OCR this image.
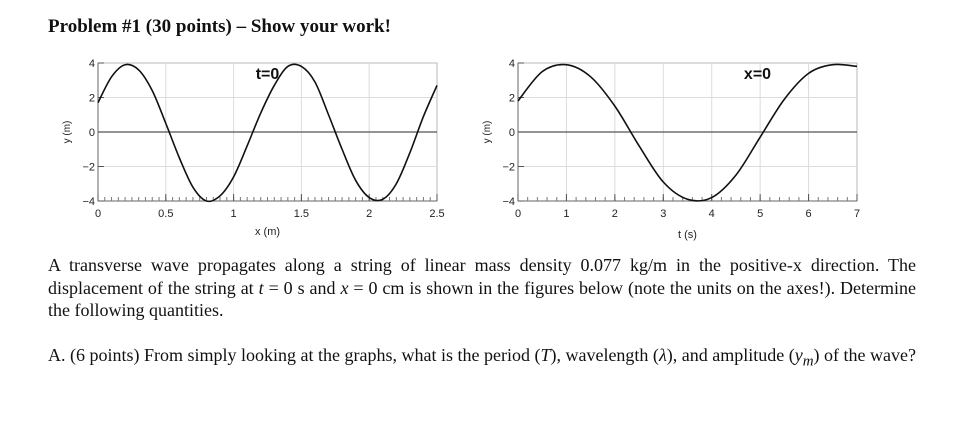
Problem #1 (30 points) – Show your work!
0	0.5	1	1.5	2	2.5
4
2
0
−2
−4
x (m)
y (m)
t=0
0	1	2	3	4	5	6	7
4
2
0
−2
−4
t (s)
y (m)
x=0
A transverse wave propagates along a string of linear mass density 0.077 kg/m in the positive-x direction. The displacement of the string at t = 0 s and x = 0 cm is shown in the figures below (note the units on the axes!). Determine the following quantities.
A. (6 points) From simply looking at the graphs, what is the period (T), wavelength (λ), and amplitude $(y_m)$ of the wave?
